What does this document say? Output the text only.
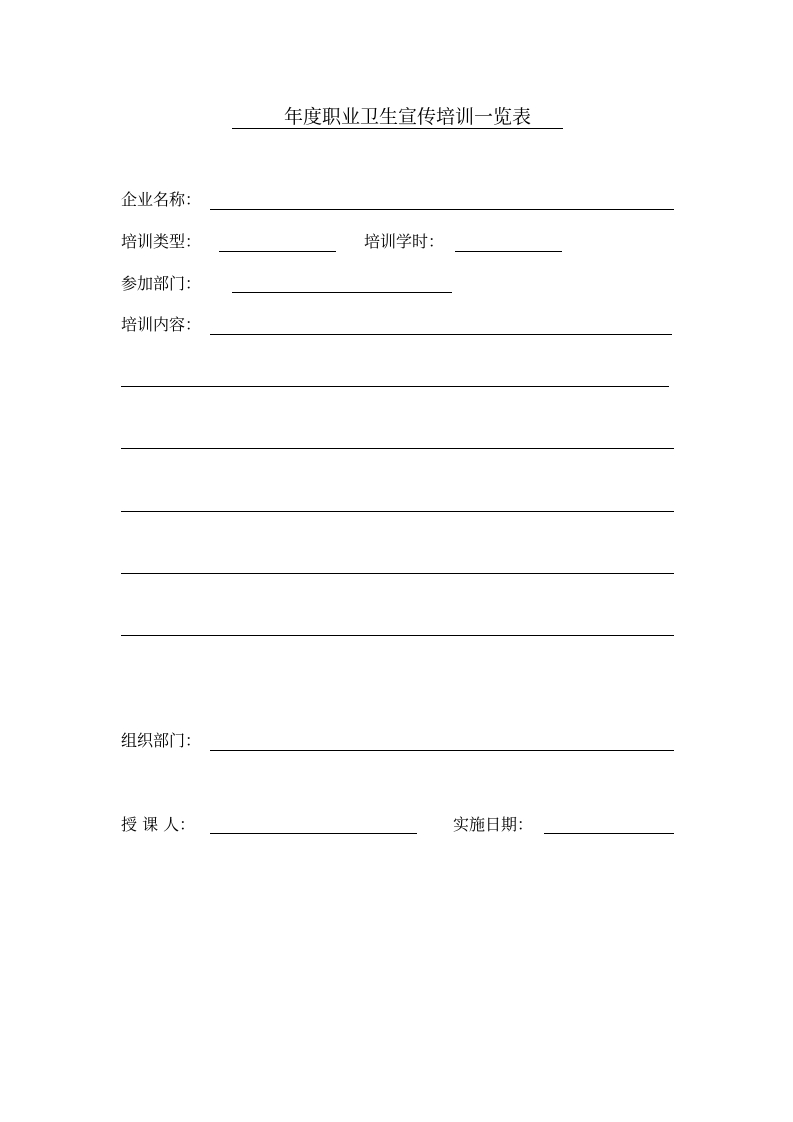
年度职业卫生宣传培训一览表
企业名称：
培训类型：	培训学时：
参加部门：
培训内容：
组织部门：
授 课 人：	实施日期：
